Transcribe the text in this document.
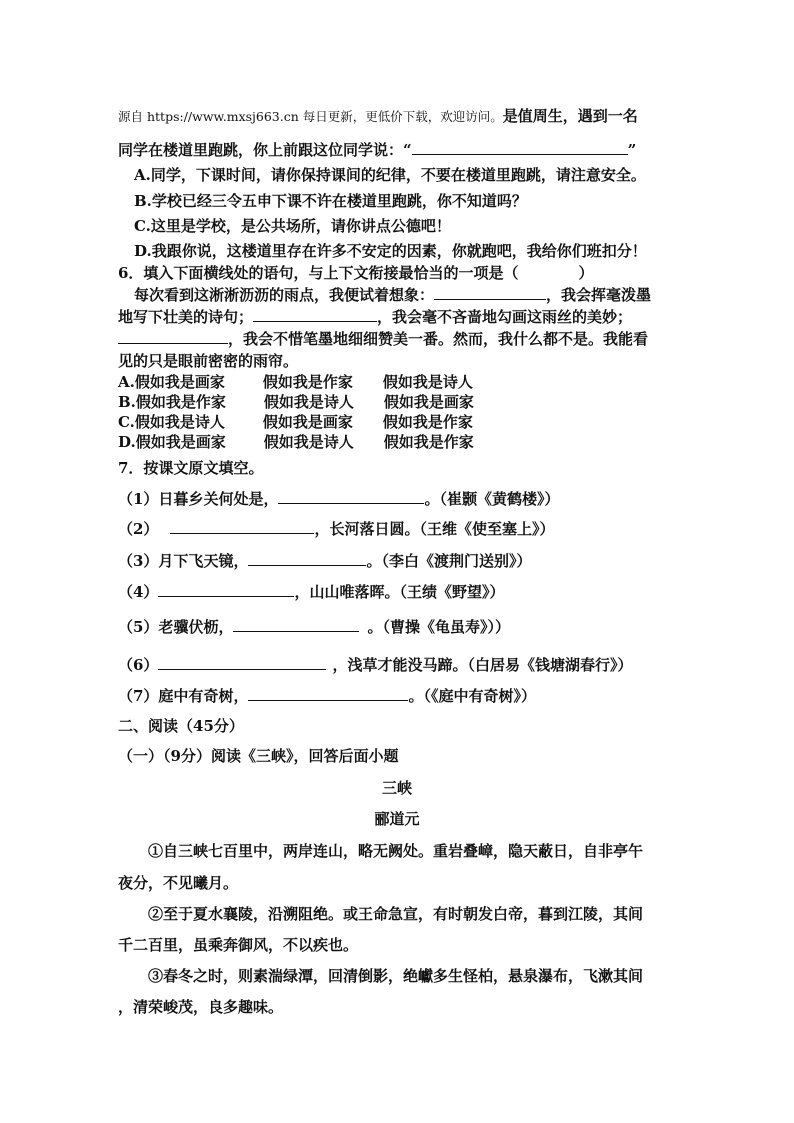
源自 https://www.mxsj663.cn 每日更新，更低价下载，欢迎访问。是值周生，遇到一名
同学在楼道里跑跳，你上前跟这位同学说：“	”
A.同学，下课时间，请你保持课间的纪律，不要在楼道里跑跳，请注意安全。
B.学校已经三令五申下课不许在楼道里跑跳，你不知道吗？
C.这里是学校，是公共场所，请你讲点公德吧！
D.我跟你说，这楼道里存在许多不安定的因素，你就跑吧，我给你们班扣分！
6．填入下面横线处的语句，与上下文衔接最恰当的一项是（	）
每次看到这淅淅沥沥的雨点，我便试着想象：	，我会挥毫泼墨
地写下壮美的诗句；	，我会毫不吝啬地勾画这雨丝的美妙；
，我会不惜笔墨地细细赞美一番。然而，我什么都不是。我能看
见的只是眼前密密的雨帘。
A.假如我是画家	假如我是作家 假如我是诗人
B.假如我是作家	假如我是诗人 假如我是画家
C.假如我是诗人	假如我是画家 假如我是作家
D.假如我是画家	假如我是诗人 假如我是作家
7．按课文原文填空。
（1）日暮乡关何处是，	。（崔颢《黄鹤楼》）
（2）	，长河落日圆。（王维《使至塞上》）
（3）月下飞天镜，	。（李白《渡荆门送别》）
（4）	，山山唯落晖。（王绩《野望》）
（5）老骥伏枥，	。（曹操《龟虽寿》））
（6）	，浅草才能没马蹄。（白居易《钱塘湖春行》）
（7）庭中有奇树，	。（《庭中有奇树》）
二、阅读（45分）
（一）（9分）阅读《三峡》，回答后面小题
三峡
郦道元
①自三峡七百里中，两岸连山，略无阙处。重岩叠嶂，隐天蔽日，自非亭午
夜分，不见曦月。
②至于夏水襄陵，沿溯阻绝。或王命急宣，有时朝发白帝，暮到江陵，其间
千二百里，虽乘奔御风，不以疾也。
③春冬之时，则素湍绿潭，回清倒影，绝巘多生怪柏，悬泉瀑布，飞漱其间
，清荣峻茂，良多趣味。
